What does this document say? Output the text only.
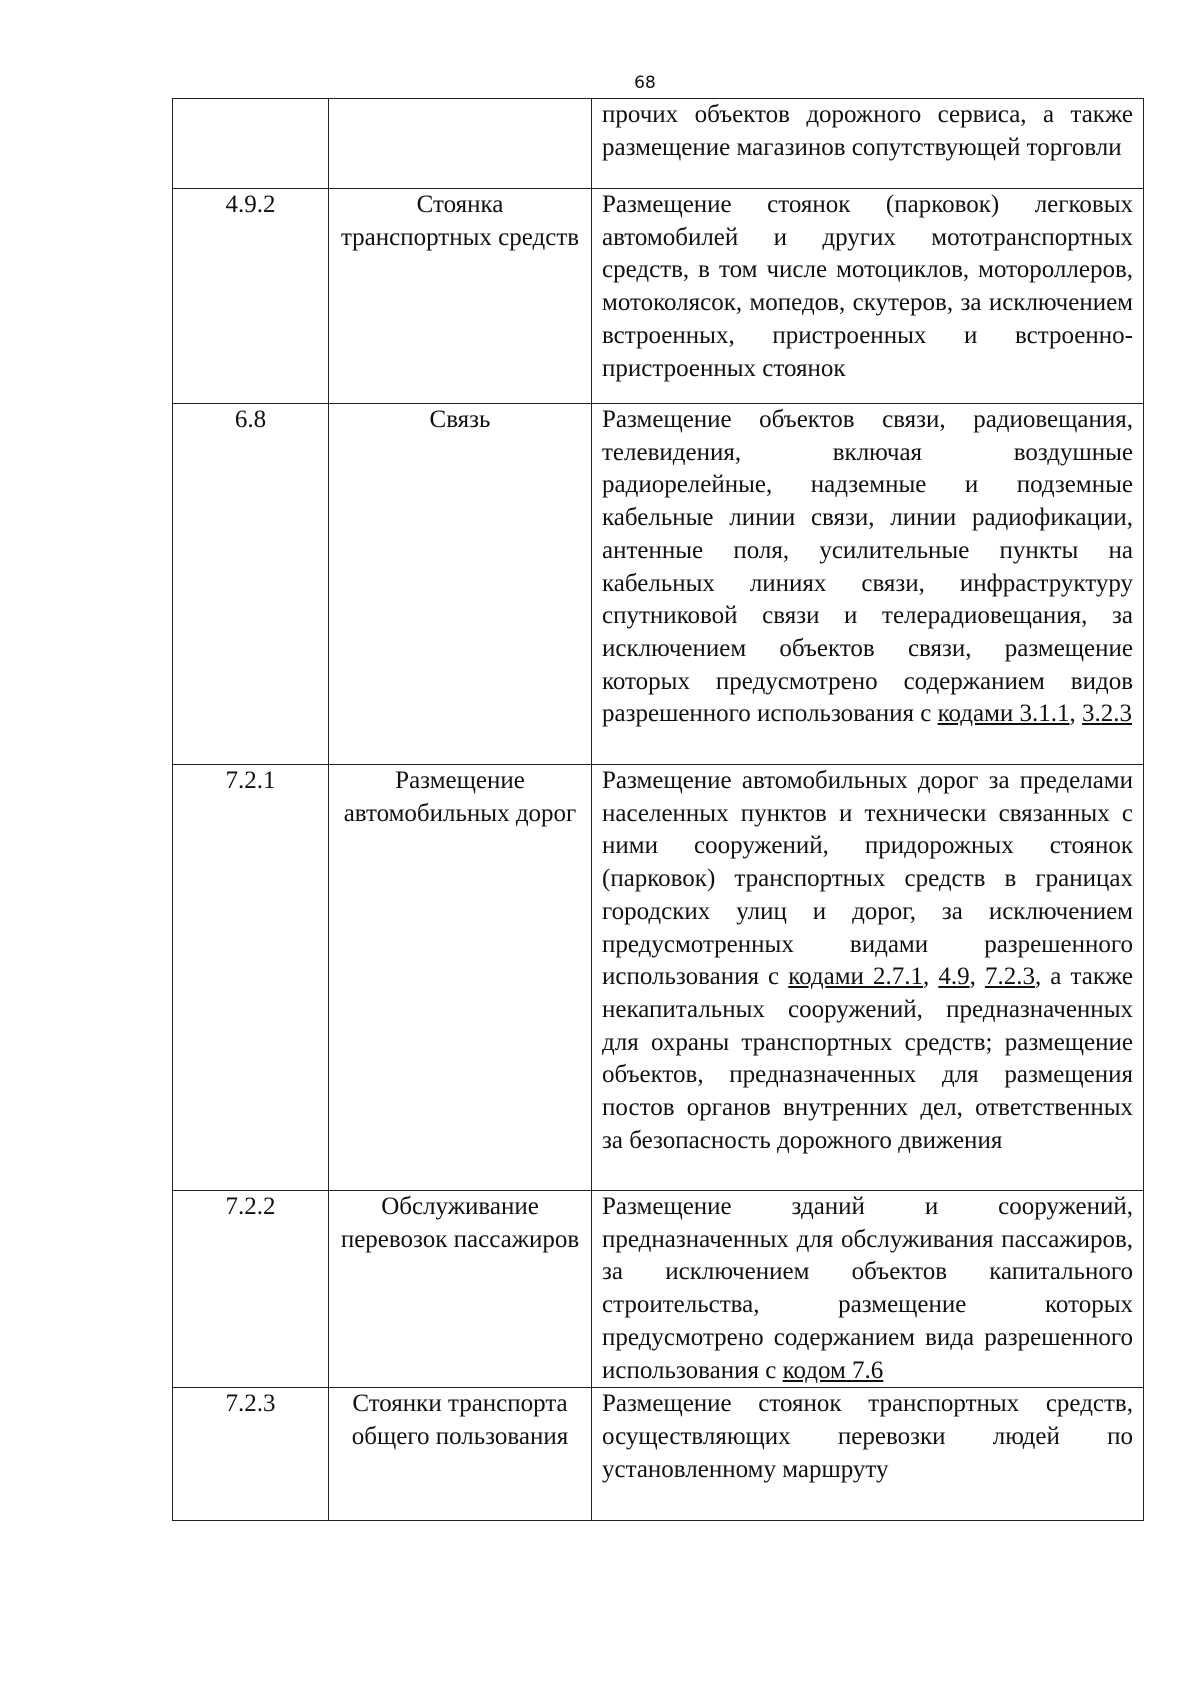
68

		прочих объектов дорожного сервиса, а также размещение магазинов сопутствующей торговли

4.9.2	Стоянка транспортных средств	Размещение стоянок (парковок) легковых автомобилей и других мототранспортных средств, в том числе мотоциклов, мотороллеров, мотоколясок, мопедов, скутеров, за исключением встроенных, пристроенных и встроенно-пристроенных стоянок

6.8	Связь	Размещение объектов связи, радиовещания, телевидения, включая воздушные радиорелейные, надземные и подземные кабельные линии связи, линии радиофикации, антенные поля, усилительные пункты на кабельных линиях связи, инфраструктуру спутниковой связи и телерадиовещания, за исключением объектов связи, размещение которых предусмотрено содержанием видов разрешенного использования с кодами 3.1.1, 3.2.3
7.2.1	Размещение автомобильных дорог	Размещение автомобильных дорог за пределами населенных пунктов и технически связанных с ними сооружений, придорожных стоянок (парковок) транспортных средств в границах городских улиц и дорог, за исключением предусмотренных видами разрешенного использования с кодами 2.7.1, 4.9, 7.2.3, а также некапитальных сооружений, предназначенных для охраны транспортных средств; размещение объектов, предназначенных для размещения постов органов внутренних дел, ответственных за безопасность дорожного движения
7.2.2	Обслуживание перевозок пассажиров	Размещение зданий и сооружений, предназначенных для обслуживания пассажиров, за исключением объектов капитального строительства, размещение которых предусмотрено содержанием вида разрешенного использования с кодом 7.6
7.2.3	Стоянки транспорта общего пользования	Размещение стоянок транспортных средств, осуществляющих перевозки людей по установленному маршруту
